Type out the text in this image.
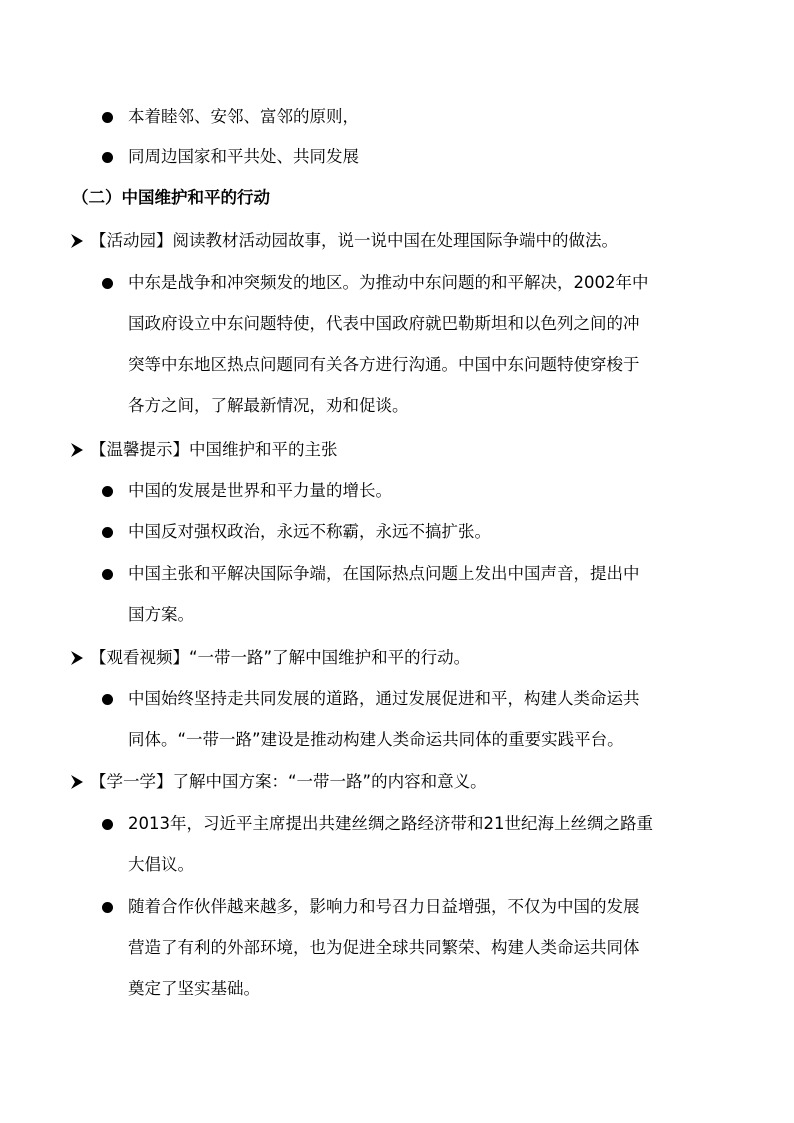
本着睦邻、安邻、富邻的原则，
同周边国家和平共处、共同发展
（二）中国维护和平的行动
【活动园】阅读教材活动园故事，说一说中国在处理国际争端中的做法。
中东是战争和冲突频发的地区。为推动中东问题的和平解决，2002年中
国政府设立中东问题特使，代表中国政府就巴勒斯坦和以色列之间的冲
突等中东地区热点问题同有关各方进行沟通。中国中东问题特使穿梭于
各方之间，了解最新情况，劝和促谈。
【温馨提示】中国维护和平的主张
中国的发展是世界和平力量的增长。
中国反对强权政治，永远不称霸，永远不搞扩张。
中国主张和平解决国际争端，在国际热点问题上发出中国声音，提出中
国方案。
【观看视频】“一带一路”了解中国维护和平的行动。
中国始终坚持走共同发展的道路，通过发展促进和平，构建人类命运共
同体。“一带一路”建设是推动构建人类命运共同体的重要实践平台。
【学一学】了解中国方案：“一带一路”的内容和意义。
2013年，习近平主席提出共建丝绸之路经济带和21世纪海上丝绸之路重
大倡议。
随着合作伙伴越来越多，影响力和号召力日益增强，不仅为中国的发展
营造了有利的外部环境，也为促进全球共同繁荣、构建人类命运共同体
奠定了坚实基础。
